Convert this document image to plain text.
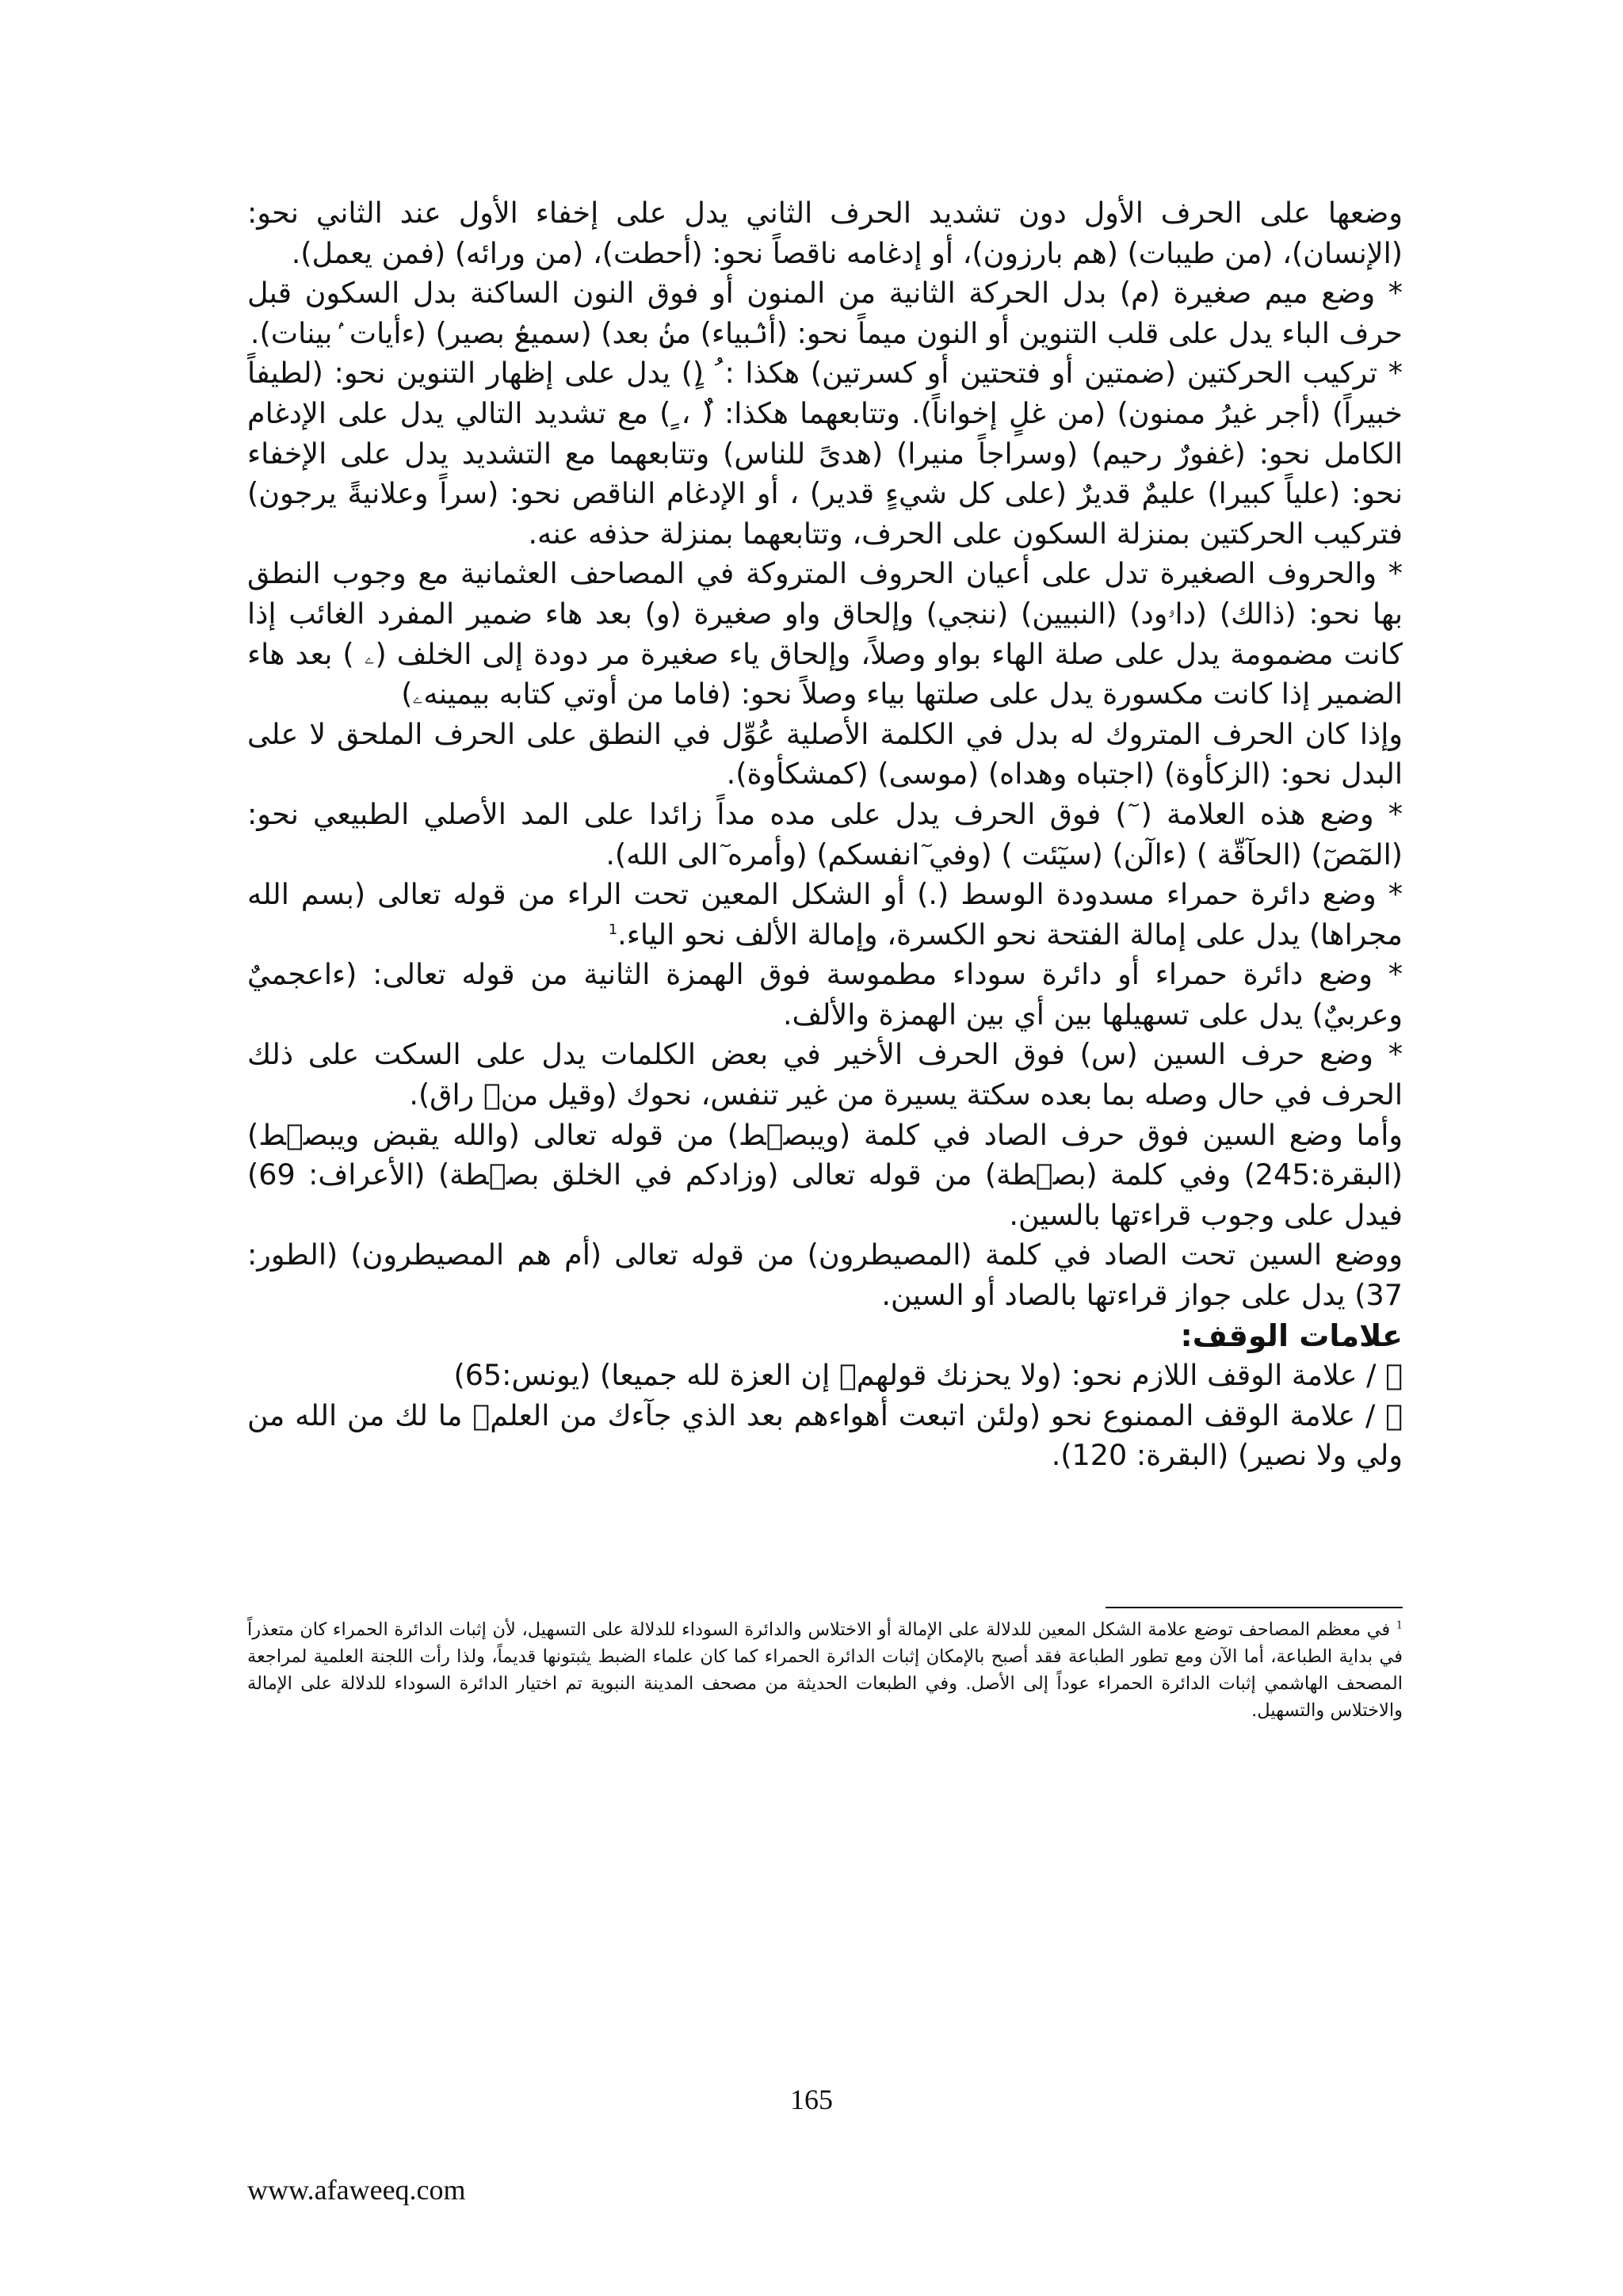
وضعها على الحرف الأول دون تشديد الحرف الثاني يدل على إخفاء الأول عند الثاني نحو: (الإنسان)، (من طيبات) (هم بارزون)، أو إدغامه ناقصاً نحو: (أحطت)، (من ورائه) (فمن يعمل).

* وضع ميم صغيرة (م) بدل الحركة الثانية من المنون أو فوق النون الساكنة بدل السكون قبل حرف الباء يدل على قلب التنوين أو النون ميماً نحو: (أنۢبياء) منۢ بعد) (سميعۢ بصير) (ءأيات ۢبينات).

* تركيب الحركتين (ضمتين أو فتحتين أو كسرتين) هكذا : ُ (ٍ) يدل على إظهار التنوين نحو: (لطيفاً خبيراً) (أجر غيرُ ممنون) (من غلٍ إخواناً). وتتابعهما هكذا: (ٌ ، ٍ) مع تشديد التالي يدل على الإدغام الكامل نحو: (غفورٌ رحيم) (وسراجاً منيرا) (هدىً للناس) وتتابعهما مع التشديد يدل على الإخفاء نحو: (علياً كبيرا) عليمٌ قديرٌ (على كل شيءٍ قدير) ، أو الإدغام الناقص نحو: (سراً وعلانيةً يرجون) فتركيب الحركتين بمنزلة السكون على الحرف، وتتابعهما بمنزلة حذفه عنه.

* والحروف الصغيرة تدل على أعيان الحروف المتروكة في المصاحف العثمانية مع وجوب النطق بها نحو: (ذالك) (داۥود) (النبيين) (ننجي) وإلحاق واو صغيرة (و) بعد هاء ضمير المفرد الغائب إذا كانت مضمومة يدل على صلة الهاء بواو وصلاً، وإلحاق ياء صغيرة مر دودة إلى الخلف (ۦ ) بعد هاء الضمير إذا كانت مكسورة يدل على صلتها بياء وصلاً نحو: (فاما من أوتي كتابه بيمينهۦ)

وإذا كان الحرف المتروك له بدل في الكلمة الأصلية عُوِّل في النطق على الحرف الملحق لا على البدل نحو: (الزكأوة) (اجتباه وهداه) (موسى) (كمشكأوة).

* وضع هذه العلامة ( ٓ) فوق الحرف يدل على مده مداً زائدا على المد الأصلي الطبيعي نحو: (المٓصٓ) (الحآقّة ) (ءالٓن) (سيٓئت ) (وفي ٓانفسكم) (وأمره ٓالى الله).

* وضع دائرة حمراء مسدودة الوسط (.) أو الشكل المعين تحت الراء من قوله تعالى (بسم الله مجراها) يدل على إمالة الفتحة نحو الكسرة، وإمالة الألف نحو الياء.$^1$

* وضع دائرة حمراء أو دائرة سوداء مطموسة فوق الهمزة الثانية من قوله تعالى: (ءاعجميٌ وعربيٌ) يدل على تسهيلها بين أي بين الهمزة والألف.

* وضع حرف السين (س) فوق الحرف الأخير في بعض الكلمات يدل على السكت على ذلك الحرف في حال وصله بما بعده سكتة يسيرة من غير تنفس، نحوك (وقيل منۜ راق).

وأما وضع السين فوق حرف الصاد في كلمة (ويبصۜط) من قوله تعالى (والله يقبض ويبصۜط) (البقرة:245) وفي كلمة (بصۜطة) من قوله تعالى (وزادكم في الخلق بصۜطة) (الأعراف: 69) فيدل على وجوب قراءتها بالسين.

ووضع السين تحت الصاد في كلمة (المصيطرون) من قوله تعالى (أم هم المصيطرون) (الطور: 37) يدل على جواز قراءتها بالصاد أو السين.

علامات الوقف:

ۘ / علامة الوقف اللازم نحو: (ولا يحزنك قولهمۘ إن العزة لله جميعا) (يونس:65)

ۚ / علامة الوقف الممنوع نحو (ولئن اتبعت أهواءهم بعد الذي جآءك من العلمۙ ما لك من الله من ولي ولا نصير) (البقرة: 120).

$^1$ في معظم المصاحف توضع علامة الشكل المعين للدلالة على الإمالة أو الاختلاس والدائرة السوداء للدلالة على التسهيل، لأن إثبات الدائرة الحمراء كان متعذراً في بداية الطباعة، أما الآن ومع تطور الطباعة فقد أصبح بالإمكان إثبات الدائرة الحمراء كما كان علماء الضبط يثبتونها قديماً، ولذا رأت اللجنة العلمية لمراجعة المصحف الهاشمي إثبات الدائرة الحمراء عوداً إلى الأصل. وفي الطبعات الحديثة من مصحف المدينة النبوية تم اختيار الدائرة السوداء للدلالة على الإمالة والاختلاس والتسهيل.

165
www.afaweeq.com
